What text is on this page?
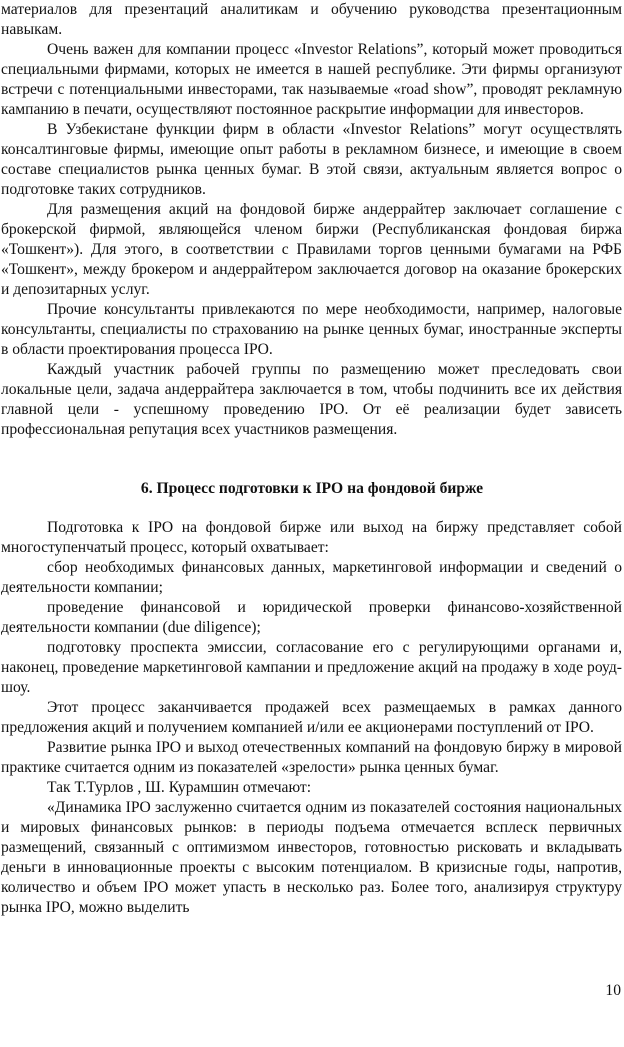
материалов для презентаций аналитикам и обучению руководства презентационным навыкам.

Очень важен для компании процесс «Investor Relations”, который может проводиться специальными фирмами, которых не имеется в нашей республике. Эти фирмы организуют встречи с потенциальными инвесторами, так называемые «road show”, проводят рекламную кампанию в печати, осуществляют постоянное раскрытие информации для инвесторов.

В Узбекистане функции фирм в области «Investor Relations” могут осуществлять консалтинговые фирмы, имеющие опыт работы в рекламном бизнесе, и имеющие в своем составе специалистов рынка ценных бумаг. В этой связи, актуальным является вопрос о подготовке таких сотрудников.

Для размещения акций на фондовой бирже андеррайтер заключает соглашение с брокерской фирмой, являющейся членом биржи (Республиканская фондовая биржа «Тошкент»). Для этого, в соответствии с Правилами торгов ценными бумагами на РФБ «Тошкент», между брокером и андеррайтером заключается договор на оказание брокерских и депозитарных услуг.

Прочие консультанты привлекаются по мере необходимости, например, налоговые консультанты, специалисты по страхованию на рынке ценных бумаг, иностранные эксперты в области проектирования процесса IPO.

Каждый участник рабочей группы по размещению может преследовать свои локальные цели, задача андеррайтера заключается в том, чтобы подчинить все их действия главной цели - успешному проведению IPO. От её реализации будет зависеть профессиональная репутация всех участников размещения.

6. Процесс подготовки к IPO на фондовой бирже

Подготовка к IPO на фондовой бирже или выход на биржу представляет собой многоступенчатый процесс, который охватывает:

сбор необходимых финансовых данных, маркетинговой информации и сведений о деятельности компании;

проведение финансовой и юридической проверки финансово-хозяйственной деятельности компании (due diligence);

подготовку проспекта эмиссии, согласование его с регулирующими органами и, наконец, проведение маркетинговой кампании и предложение акций на продажу в ходе роуд-шоу.

Этот процесс заканчивается продажей всех размещаемых в рамках данного предложения акций и получением компанией и/или ее акционерами поступлений от IPO.

Развитие рынка IPO и выход отечественных компаний на фондовую биржу в мировой практике считается одним из показателей «зрелости» рынка ценных бумаг.

Так Т.Турлов , Ш. Курамшин отмечают:

«Динамика IPO заслуженно считается одним из показателей состояния национальных и мировых финансовых рынков: в периоды подъема отмечается всплеск первичных размещений, связанный с оптимизмом инвесторов, готовностью рисковать и вкладывать деньги в инновационные проекты с высоким потенциалом. В кризисные годы, напротив, количество и объем IPO может упасть в несколько раз. Более того, анализируя структуру рынка IPO, можно выделить

10
